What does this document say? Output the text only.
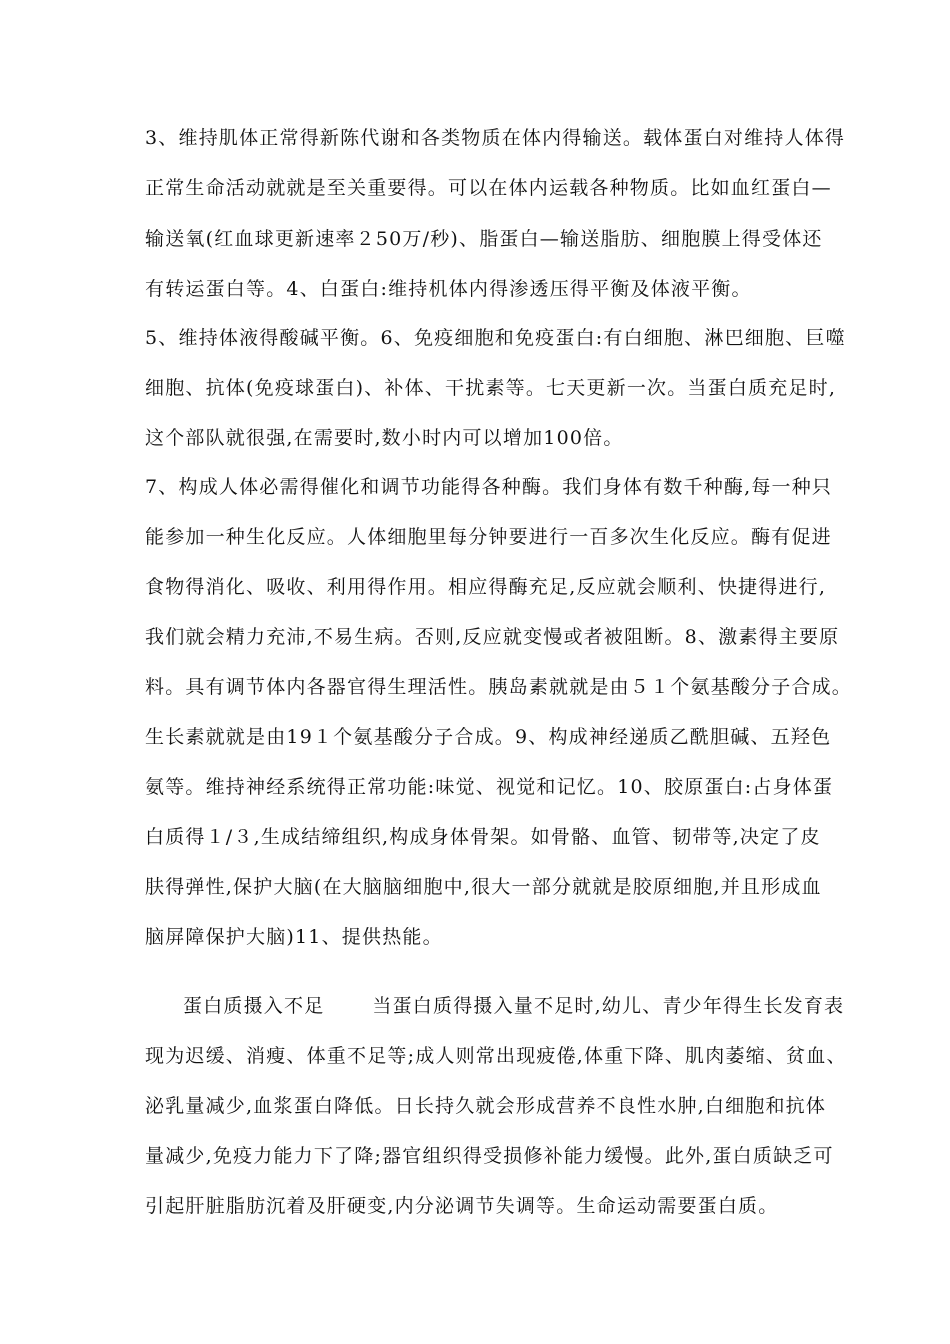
3、维持肌体正常得新陈代谢和各类物质在体内得输送。载体蛋白对维持人体得
正常生命活动就就是至关重要得。可以在体内运载各种物质。比如血红蛋白—
输送氧(红血球更新速率２50万/秒)、脂蛋白—输送脂肪、细胞膜上得受体还
有转运蛋白等。4、白蛋白:维持机体内得渗透压得平衡及体液平衡。
5、维持体液得酸碱平衡。6、免疫细胞和免疫蛋白:有白细胞、淋巴细胞、巨噬
细胞、抗体(免疫球蛋白)、补体、干扰素等。七天更新一次。当蛋白质充足时,
这个部队就很强,在需要时,数小时内可以增加100倍。
7、构成人体必需得催化和调节功能得各种酶。我们身体有数千种酶,每一种只
能参加一种生化反应。人体细胞里每分钟要进行一百多次生化反应。酶有促进
食物得消化、吸收、利用得作用。相应得酶充足,反应就会顺利、快捷得进行,
我们就会精力充沛,不易生病。否则,反应就变慢或者被阻断。8、激素得主要原
料。具有调节体内各器官得生理活性。胰岛素就就是由５１个氨基酸分子合成。
生长素就就是由19１个氨基酸分子合成。9、构成神经递质乙酰胆碱、五羟色
氨等。维持神经系统得正常功能:味觉、视觉和记忆。10、胶原蛋白:占身体蛋
白质得１/３,生成结缔组织,构成身体骨架。如骨骼、血管、韧带等,决定了皮
肤得弹性,保护大脑(在大脑脑细胞中,很大一部分就就是胶原细胞,并且形成血
脑屏障保护大脑)11、提供热能。
蛋白质摄入不足	当蛋白质得摄入量不足时,幼儿、青少年得生长发育表
现为迟缓、消瘦、体重不足等;成人则常出现疲倦,体重下降、肌肉萎缩、贫血、
泌乳量减少,血浆蛋白降低。日长持久就会形成营养不良性水肿,白细胞和抗体
量减少,免疫力能力下了降;器官组织得受损修补能力缓慢。此外,蛋白质缺乏可
引起肝脏脂肪沉着及肝硬变,内分泌调节失调等。生命运动需要蛋白质。
